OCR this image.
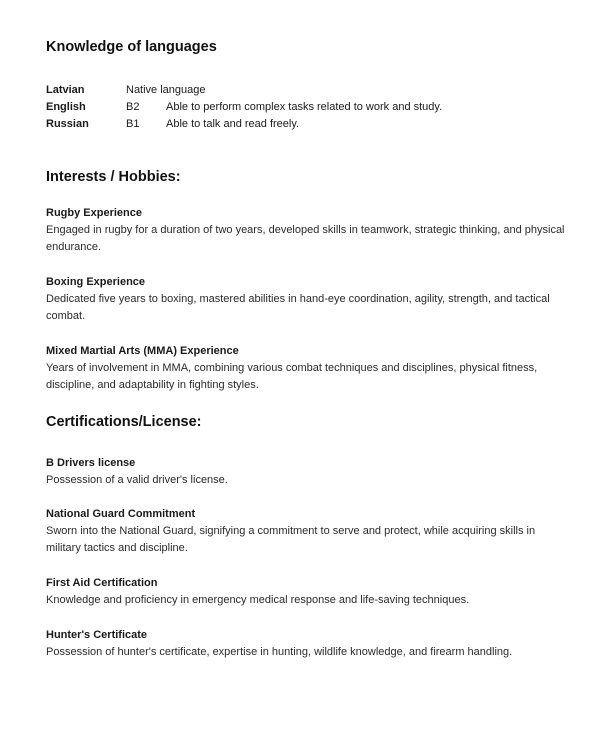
Knowledge of languages
Latvian	Native language
English	B2 Able to perform complex tasks related to work and study.
Russian	B1 Able to talk and read freely.
Interests / Hobbies:
Rugby Experience
Engaged in rugby for a duration of two years, developed skills in teamwork, strategic thinking, and physical endurance.
Boxing Experience
Dedicated five years to boxing, mastered abilities in hand-eye coordination, agility, strength, and tactical combat.
Mixed Martial Arts (MMA) Experience
Years of involvement in MMA, combining various combat techniques and disciplines, physical fitness, discipline, and adaptability in fighting styles.
Certifications/License:
B Drivers license
Possession of a valid driver's license.
National Guard Commitment
Sworn into the National Guard, signifying a commitment to serve and protect, while acquiring skills in military tactics and discipline.
First Aid Certification
Knowledge and proficiency in emergency medical response and life-saving techniques.
Hunter's Certificate
Possession of hunter's certificate, expertise in hunting, wildlife knowledge, and firearm handling.
